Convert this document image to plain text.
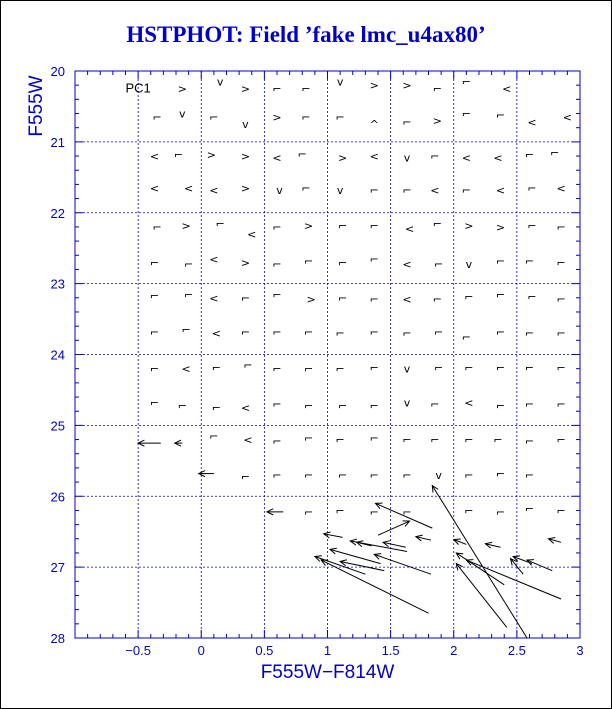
HSTPHOT: Field ’fake lmc_u4ax80’
−0.5	0	0.5	1	1.5	2	2.5	3
20
21
22
23
24
25
26
27
28
F555W−F814W
F555W	PC1 >
v
> ⌐ ⌐
v > > ⌐
⌐
<
⌐ v ⌐
v
> ⌐ ⌐
^ ⌐ >
⌐ ⌐
< <
< ⌐ > > < ⌐	> < v ⌐ < < ⌐ ⌐
< < < > v ⌐ v ⌐ ⌐ < ⌐ < ⌐ <
⌐ > ⌐
<
⌐ > ⌐ ⌐ < ⌐ > > ⌐ ⌐
⌐ ⌐ < > ⌐ ⌐ ⌐ ⌐ < ⌐ v ⌐ ⌐ ⌐
⌐ ⌐ < ⌐ ⌐ > ⌐ ⌐ < ⌐ ⌐ ⌐ ⌐ ⌐
⌐ ⌐ < ⌐ ⌐ ⌐ ⌐ ⌐ ⌐ ⌐ ⌐ ⌐ ⌐ ⌐
⌐ < ⌐ ⌐ ⌐ ⌐ ⌐ ⌐ v ⌐ ⌐ ⌐ ⌐ ⌐
⌐ ⌐ ⌐ < ⌐ ⌐ ⌐ ⌐ v ⌐ < ⌐ ⌐ ⌐
⌐ < ⌐ ⌐ ⌐ ⌐ ⌐ ⌐ ⌐ ⌐ ⌐ ⌐
⌐ ⌐ ⌐ ⌐ ⌐ ⌐ v ⌐ ⌐ ⌐
⌐ ⌐ ⌐ ⌐	⌐ ⌐ ⌐ ⌐
